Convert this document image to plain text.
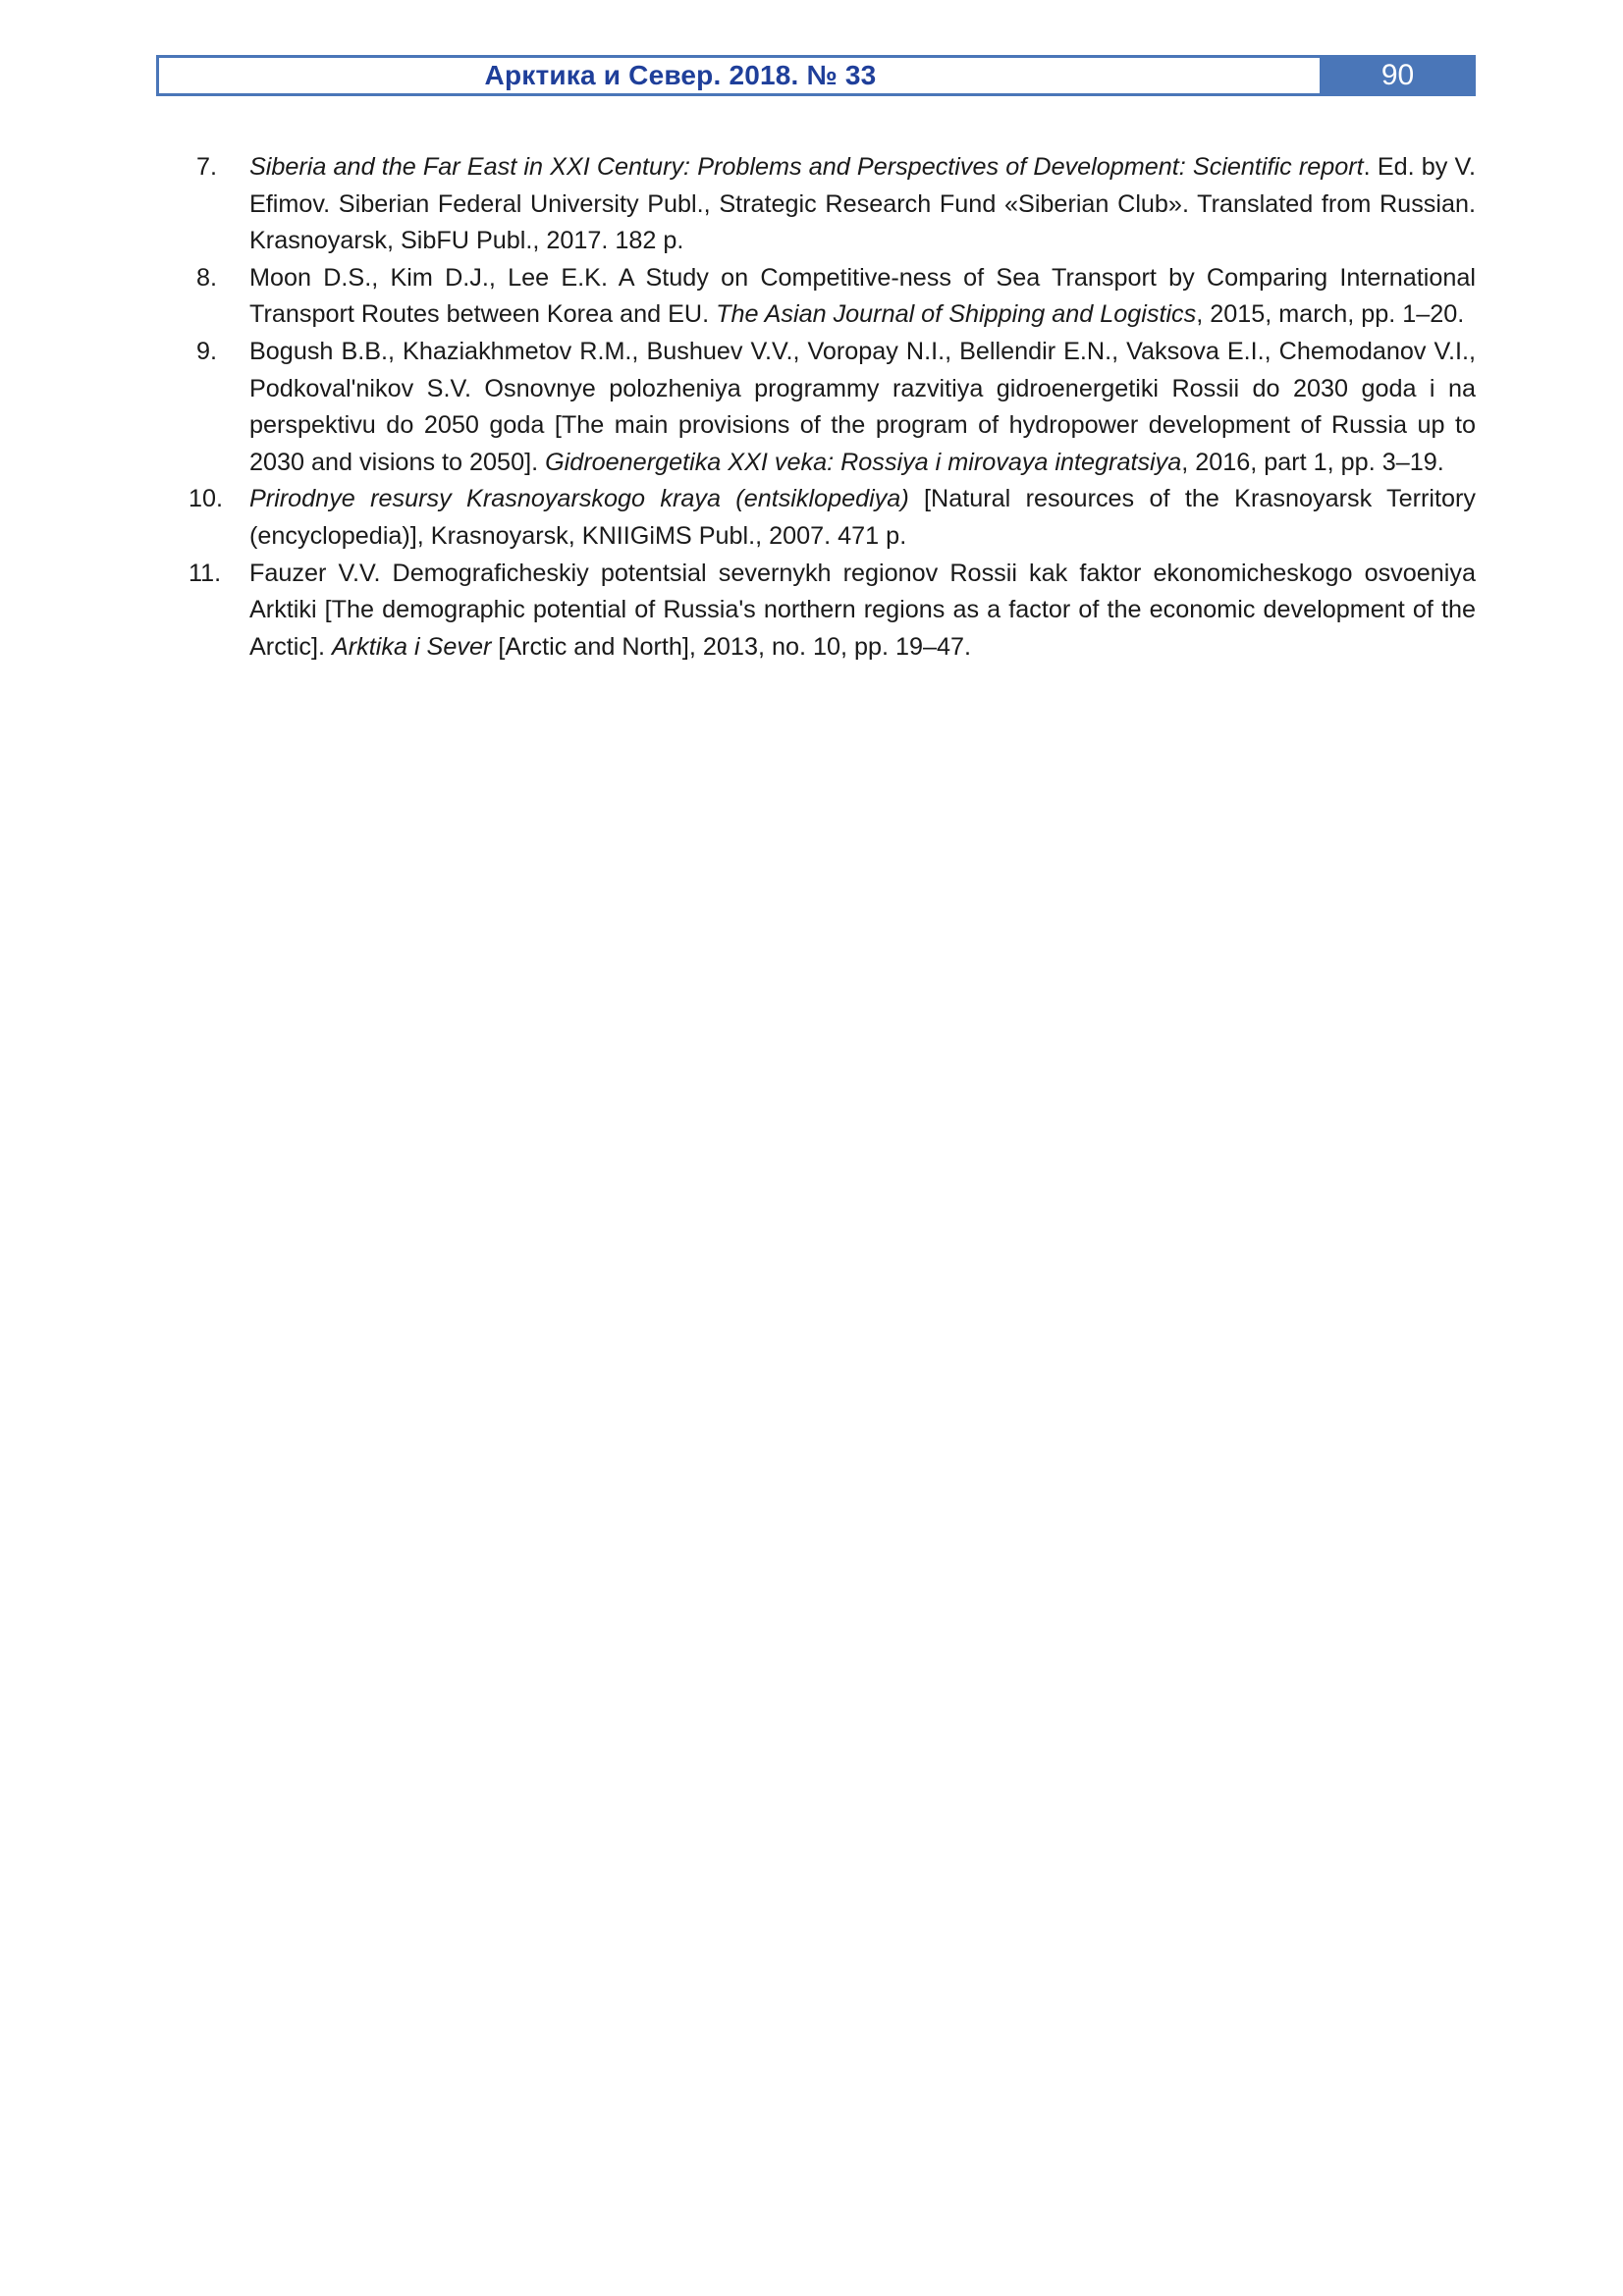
Арктика и Север. 2018. № 33	90
7. Siberia and the Far East in XXI Century: Problems and Perspectives of Development: Scientific report. Ed. by V. Efimov. Siberian Federal University Publ., Strategic Research Fund «Siberian Club». Translated from Russian. Krasnoyarsk, SibFU Publ., 2017. 182 p.
8. Moon D.S., Kim D.J., Lee E.K. A Study on Competitive-ness of Sea Transport by Comparing International Transport Routes between Korea and EU. The Asian Journal of Shipping and Logistics, 2015, march, pp. 1–20.
9. Bogush B.B., Khaziakhmetov R.M., Bushuev V.V., Voropay N.I., Bellendir E.N., Vaksova E.I., Chemodanov V.I., Podkoval'nikov S.V. Osnovnye polozheniya programmy razvitiya gidroenergetiki Rossii do 2030 goda i na perspektivu do 2050 goda [The main provisions of the program of hydropower development of Russia up to 2030 and visions to 2050]. Gidroenergetika XXI veka: Rossiya i mirovaya integratsiya, 2016, part 1, pp. 3–19.
10. Prirodnye resursy Krasnoyarskogo kraya (entsiklopediya) [Natural resources of the Krasnoyarsk Territory (encyclopedia)], Krasnoyarsk, KNIIGiMS Publ., 2007. 471 p.
11. Fauzer V.V. Demograficheskiy potentsial severnykh regionov Rossii kak faktor ekonomicheskogo osvoeniya Arktiki [The demographic potential of Russia's northern regions as a factor of the economic development of the Arctic]. Arktika i Sever [Arctic and North], 2013, no. 10, pp. 19–47.
